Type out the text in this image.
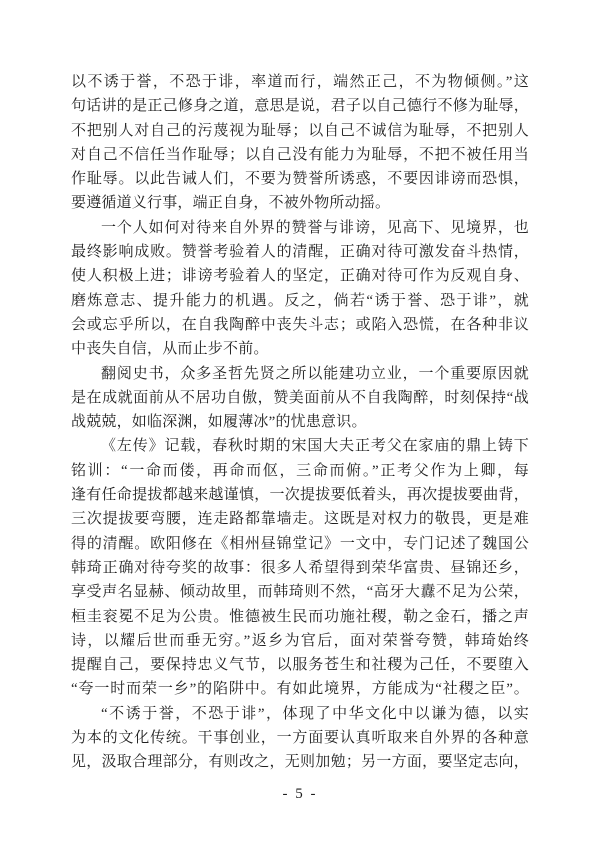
以不诱于誉，不恐于诽，率道而行，端然正己，不为物倾侧。”这
句话讲的是正己修身之道，意思是说，君子以自己德行不修为耻辱，
不把别人对自己的污蔑视为耻辱；以自己不诚信为耻辱，不把别人
对自己不信任当作耻辱；以自己没有能力为耻辱，不把不被任用当
作耻辱。以此告诫人们，不要为赞誉所诱惑，不要因诽谤而恐惧，
要遵循道义行事，端正自身，不被外物所动摇。
一个人如何对待来自外界的赞誉与诽谤，见高下、见境界，也
最终影响成败。赞誉考验着人的清醒，正确对待可激发奋斗热情，
使人积极上进；诽谤考验着人的坚定，正确对待可作为反观自身、
磨炼意志、提升能力的机遇。反之，倘若“诱于誉、恐于诽”，就
会或忘乎所以，在自我陶醉中丧失斗志；或陷入恐慌，在各种非议
中丧失自信，从而止步不前。
翻阅史书，众多圣哲先贤之所以能建功立业，一个重要原因就
是在成就面前从不居功自傲，赞美面前从不自我陶醉，时刻保持“战
战兢兢，如临深渊，如履薄冰”的忧患意识。
《左传》记载，春秋时期的宋国大夫正考父在家庙的鼎上铸下
铭训：“一命而偻，再命而伛，三命而俯。”正考父作为上卿，每
逢有任命提拔都越来越谨慎，一次提拔要低着头，再次提拔要曲背，
三次提拔要弯腰，连走路都靠墙走。这既是对权力的敬畏，更是难
得的清醒。欧阳修在《相州昼锦堂记》一文中，专门记述了魏国公
韩琦正确对待夸奖的故事：很多人希望得到荣华富贵、昼锦还乡，
享受声名显赫、倾动故里，而韩琦则不然，“高牙大纛不足为公荣，
桓圭衮冕不足为公贵。惟德被生民而功施社稷，勒之金石，播之声
诗，以耀后世而垂无穷。”返乡为官后，面对荣誉夸赞，韩琦始终
提醒自己，要保持忠义气节，以服务苍生和社稷为己任，不要堕入
“夸一时而荣一乡”的陷阱中。有如此境界，方能成为“社稷之臣”。
“不诱于誉，不恐于诽”，体现了中华文化中以谦为德，以实
为本的文化传统。干事创业，一方面要认真听取来自外界的各种意
见，汲取合理部分，有则改之，无则加勉；另一方面，要坚定志向，
- 5 -
